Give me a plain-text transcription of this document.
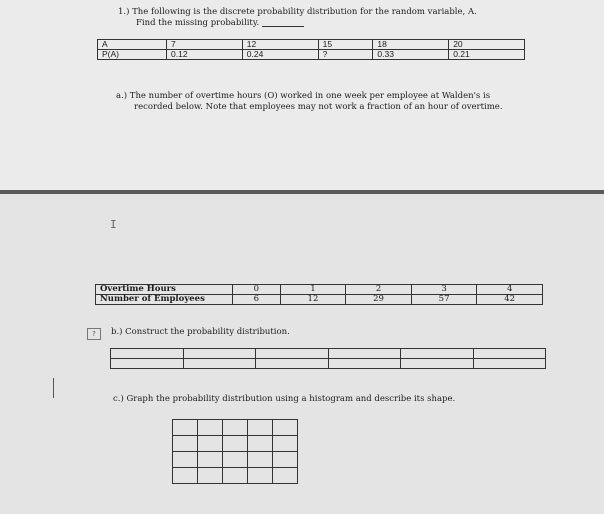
1.) The following is the discrete probability distribution for the random variable, A.
Find the missing probability.
A	7	12	15	18	20
P(A)	0.12	0.24	?	0.33	0.21
a.) The number of overtime hours (O) worked in one week per employee at Walden's is
recorded below. Note that employees may not work a fraction of an hour of overtime.
I
Overtime Hours	0	1	2	3	4
Number of Employees	6	12	29	57	42
?	b.) Construct the probability distribution.

c.) Graph the probability distribution using a histogram and describe its shape.
